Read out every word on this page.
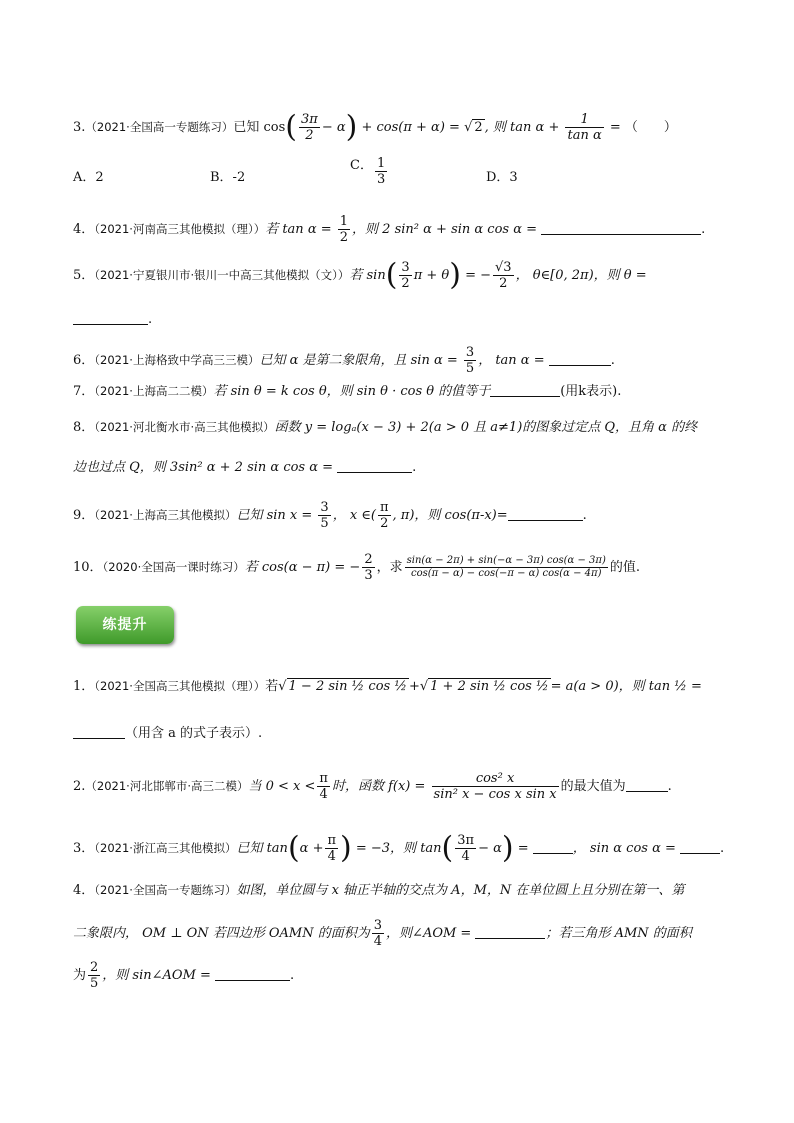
3.（2021·全国高一专题练习）已知 $\cos( \frac{3\pi}{2} - \alpha) + \cos(\pi + \alpha)$ = √ 2 , 则 $\tan \alpha + \frac{1}{\text{tan α}}$ = （　　）
A．2	B．-2
C． $\frac{1}{3}$	D．3
4．（2021·河南高三其他模拟（理））若 $\tan \alpha = \frac{1}{2}$ ，则 2 sin² α + sin α cos α =	.
5．（2021·宁夏银川市·银川一中高三其他模拟（文））若 $\sin( \frac{3}{2}$ π + θ) = − $\frac{√3}{2}$ ， θ∈[0, 2π)，则 θ =
.
6．（2021·上海格致中学高三三模）已知 α 是第二象限角，且 $\sin \alpha = \frac{3}{5}$ ， tan α =	.
7．（2021·上海高二二模）若 sin θ = k cos θ，则 sin θ · cos θ 的值等于	(用k表示).
8．（2021·河北衡水市·高三其他模拟）函数 y = logₐ(x − 3) + 2(a > 0 且 a≠1)的图象过定点 Q，且角 α 的终
边也过点 Q，则 3sin² α + 2 sin α cos α =	.
9．（2021·上海高三其他模拟）已知 $\sin x = \frac{3}{5}$ ， x ∈( $\frac{\pi}{2}$ , π)，则 cos(π-x)=	.
10．（2020·全国高一课时练习）若 cos(α − π) = − $\frac{2}{3}$ ，求 $\frac{\sin(\alpha - 2\pi) + \sin(-\alpha - 3\pi) \cos(\alpha - 3\pi)}{\cos(\pi - \alpha) - \cos(-\pi - \alpha) \cos(\alpha - 4\pi)}$ 的值.
练提升
1．（2021·全国高三其他模拟（理））若√ 1 − 2 sin ½ cos ½ +√ 1 + 2 sin ½ cos ½ = a(a > 0)，则 tan ½ =
（用含 a 的式子表示）.
2.（2021·河北邯郸市·高三二模）当 $0 < x < \frac{\pi}{4}$ 时，函数 $f(x) = \frac{\text{cos² x}}{\text{sin² x − cos x sin x}}$ 的最大值为	.
3．（2021·浙江高三其他模拟）已知 $\tan(\alpha + \frac{\pi}{4}$ ) = −3，则 $\tan( \frac{3\pi}{4} - \alpha)$ =	， sin α cos α =	.
4．（2021·全国高一专题练习）如图，单位圆与 x 轴正半轴的交点为 A，M，N 在单位圆上且分别在第一、第
二象限内， OM ⊥ ON 若四边形 OAMN 的面积为 $\frac{3}{4}$ ，则∠AOM =	；若三角形 AMN 的面积
为 $\frac{2}{5}$ ，则 sin∠AOM =	.
